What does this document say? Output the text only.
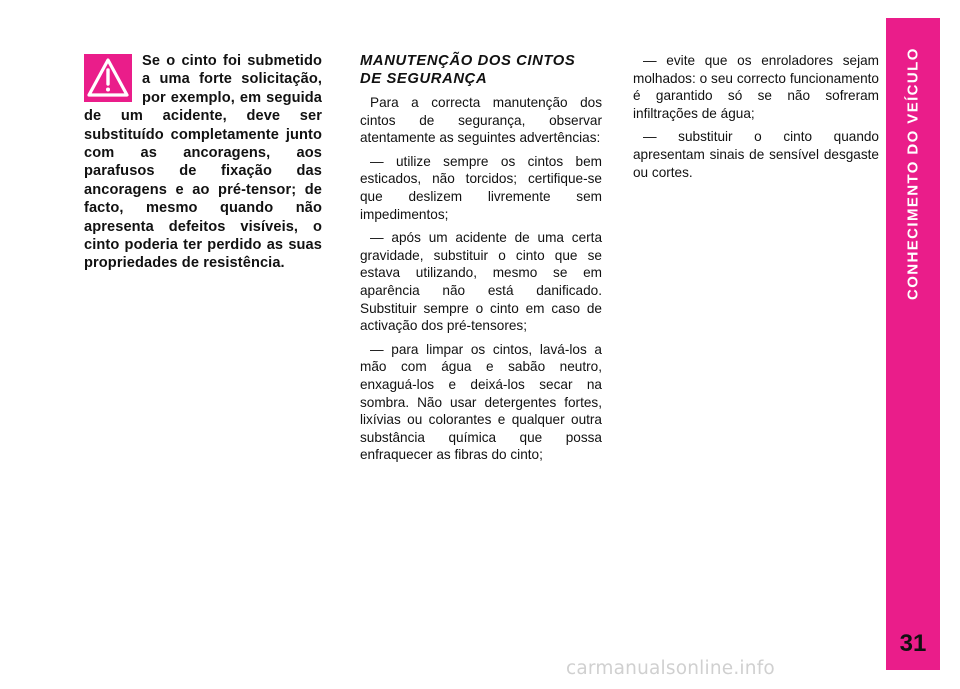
Se o cinto foi submetido a uma forte solicitação, por exemplo, em seguida de um acidente, deve ser substituído completamente junto com as ancoragens, aos parafusos de fixação das ancoragens e ao pré-tensor; de facto, mesmo quando não apresenta defeitos visíveis, o cinto poderia ter perdido as suas propriedades de resistência.

MANUTENÇÃO DOS CINTOS
DE SEGURANÇA

Para a correcta manutenção dos cintos de segurança, observar atentamente as seguintes advertências:

— utilize sempre os cintos bem esticados, não torcidos; certifique-se que deslizem livremente sem impedimentos;

— após um acidente de uma certa gravidade, substituir o cinto que se estava utilizando, mesmo se em aparência não está danificado. Substituir sempre o cinto em caso de activação dos pré-tensores;

— para limpar os cintos, lavá-los a mão com água e sabão neutro, enxaguá-los e deixá-los secar na sombra. Não usar detergentes fortes, lixívias ou colorantes e qualquer outra substância química que possa enfraquecer as fibras do cinto;

— evite que os enroladores sejam molhados: o seu correcto funcionamento é garantido só se não sofreram infiltrações de água;

— substituir o cinto quando apresentam sinais de sensível desgaste ou cortes.	CONHECIMENTO DO VEÍCULO
31
carmanualsonline.info
